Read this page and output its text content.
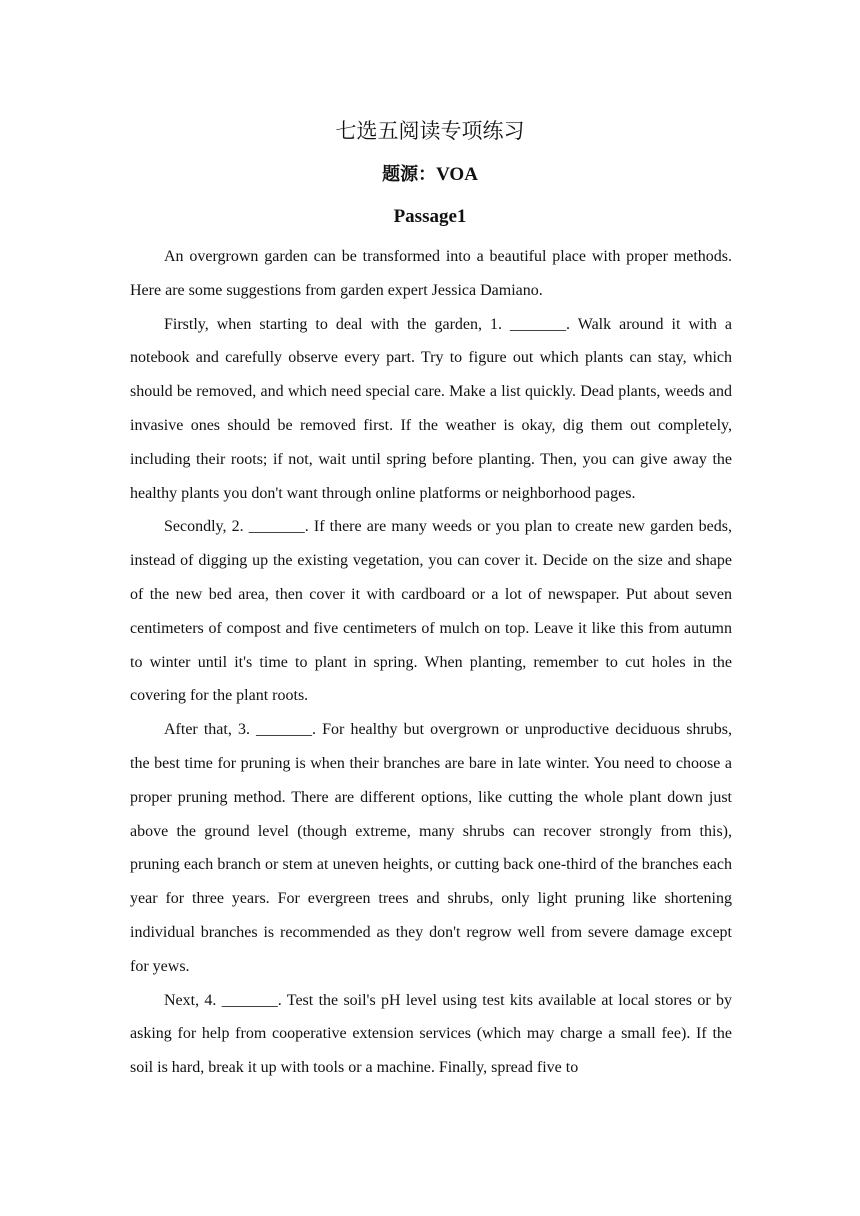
七选五阅读专项练习
题源：VOA
Passage1

An overgrown garden can be transformed into a beautiful place with proper methods. Here are some suggestions from garden expert Jessica Damiano.

Firstly, when starting to deal with the garden, 1. _______. Walk around it with a notebook and carefully observe every part. Try to figure out which plants can stay, which should be removed, and which need special care. Make a list quickly. Dead plants, weeds and invasive ones should be removed first. If the weather is okay, dig them out completely, including their roots; if not, wait until spring before planting. Then, you can give away the healthy plants you don't want through online platforms or neighborhood pages.

Secondly, 2. _______. If there are many weeds or you plan to create new garden beds, instead of digging up the existing vegetation, you can cover it. Decide on the size and shape of the new bed area, then cover it with cardboard or a lot of newspaper. Put about seven centimeters of compost and five centimeters of mulch on top. Leave it like this from autumn to winter until it's time to plant in spring. When planting, remember to cut holes in the covering for the plant roots.

After that, 3. _______. For healthy but overgrown or unproductive deciduous shrubs, the best time for pruning is when their branches are bare in late winter. You need to choose a proper pruning method. There are different options, like cutting the whole plant down just above the ground level (though extreme, many shrubs can recover strongly from this), pruning each branch or stem at uneven heights, or cutting back one-third of the branches each year for three years. For evergreen trees and shrubs, only light pruning like shortening individual branches is recommended as they don't regrow well from severe damage except for yews.

Next, 4. _______. Test the soil's pH level using test kits available at local stores or by asking for help from cooperative extension services (which may charge a small fee). If the soil is hard, break it up with tools or a machine. Finally, spread five to
